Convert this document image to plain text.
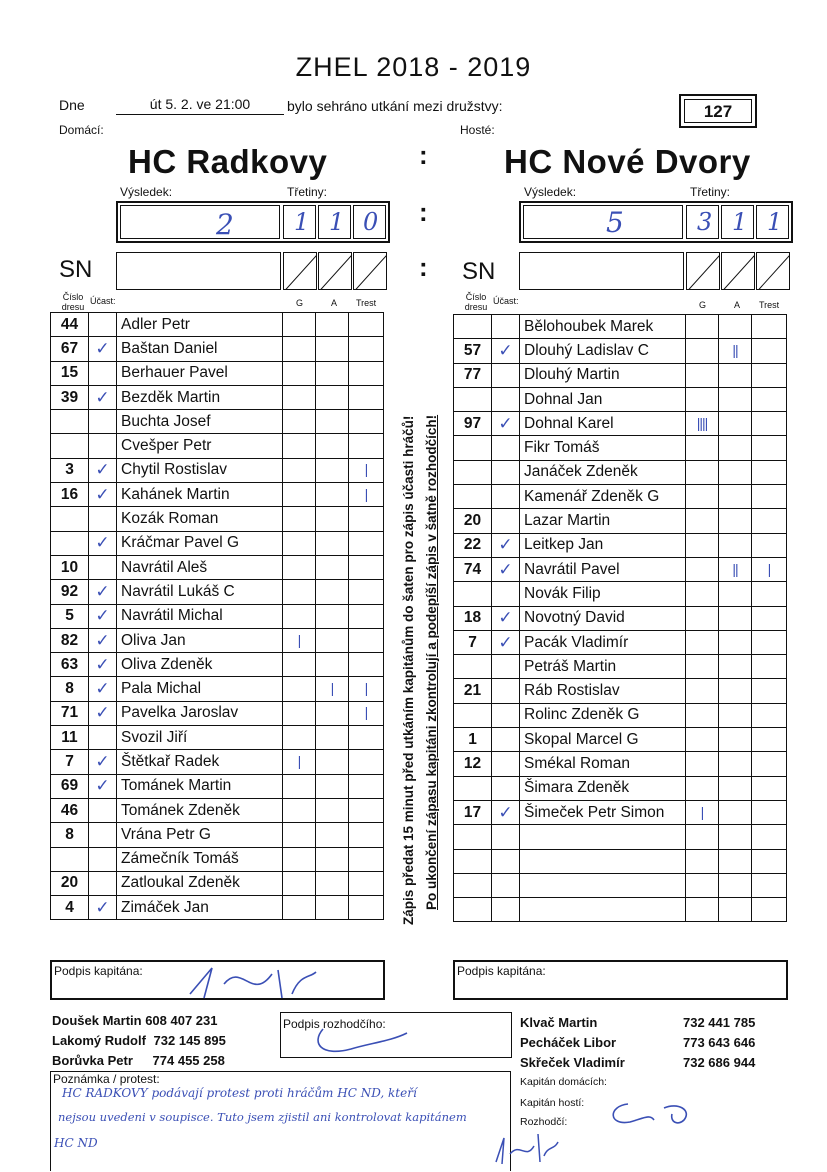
ZHEL 2018 - 2019
Dne	út 5. 2. ve 21:00	bylo sehráno utkání mezi družstvy:	127
Domácí:	Hosté:
HC Radkovy	HC Nové Dvory
:
:
:
Výsledek:	Třetiny:
2	1 1 0
Výsledek:	Třetiny:
5	3 1 1
SN	SN
Číslo dresu
Účast:	G	A Trest
Číslo dresu
Účast:	G	A Trest
44		Adler Petr			
67	✓	Baštan Daniel			
15		Berhauer Pavel			
39	✓	Bezděk Martin			
		Buchta Josef			
		Cvešper Petr			
3	✓	Chytil Rostislav			|
16	✓	Kahánek Martin			|
		Kozák Roman			
	✓	Kráčmar Pavel G			
10		Navrátil Aleš			
92	✓	Navrátil Lukáš C			
5	✓	Navrátil Michal			
82	✓	Oliva Jan	|		
63	✓	Oliva Zdeněk			
8	✓	Pala Michal		|	|
71	✓	Pavelka Jaroslav			|
11		Svozil Jiří			
7	✓	Štětkař Radek	|		
69	✓	Tománek Martin			
46		Tománek Zdeněk			
8		Vrána Petr G			
		Zámečník Tomáš			
20		Zatloukal Zdeněk			
4	✓	Zimáček Jan			
		Bělohoubek Marek			
57	✓	Dlouhý Ladislav C		||	
77		Dlouhý Martin			
		Dohnal Jan			
97	✓	Dohnal Karel	||||		
		Fikr Tomáš			
		Janáček Zdeněk			
		Kamenář Zdeněk G			
20		Lazar Martin			
22	✓	Leitkep Jan			
74	✓	Navrátil Pavel		||	|
		Novák Filip			
18	✓	Novotný David			
7	✓	Pacák Vladimír			
		Petráš Martin			
21		Ráb Rostislav			
		Rolinc Zdeněk G			
1		Skopal Marcel G			
12		Smékal Roman			
		Šimara Zdeněk			
17	✓	Šimeček Petr Simon	|		

Zápis předat 15 minut před utkáním kapitánům do šaten pro zápis účasti hráčů! Po ukončení zápasu kapitáni zkontrolují a podepíší zápis v šatně rozhodčích!
Podpis kapitána:	Podpis kapitána:
Doušek Martin 608 407 231
Lakomý Rudolf 732 145 895
Borůvka Petr 774 455 258
Podpis rozhodčího:	Klvač Martin	732 441 785
Pecháček Libor	773 643 646
Skřeček Vladimír	732 686 944
Poznámka / protest:
HC RADKOVY podávají protest proti hráčům HC ND, kteří
nejsou uvedeni v soupisce. Tuto jsem zjistil ani kontrolovat kapitánem
HC ND
Kapitán domácích:
Kapitán hostí:
Rozhodčí:
